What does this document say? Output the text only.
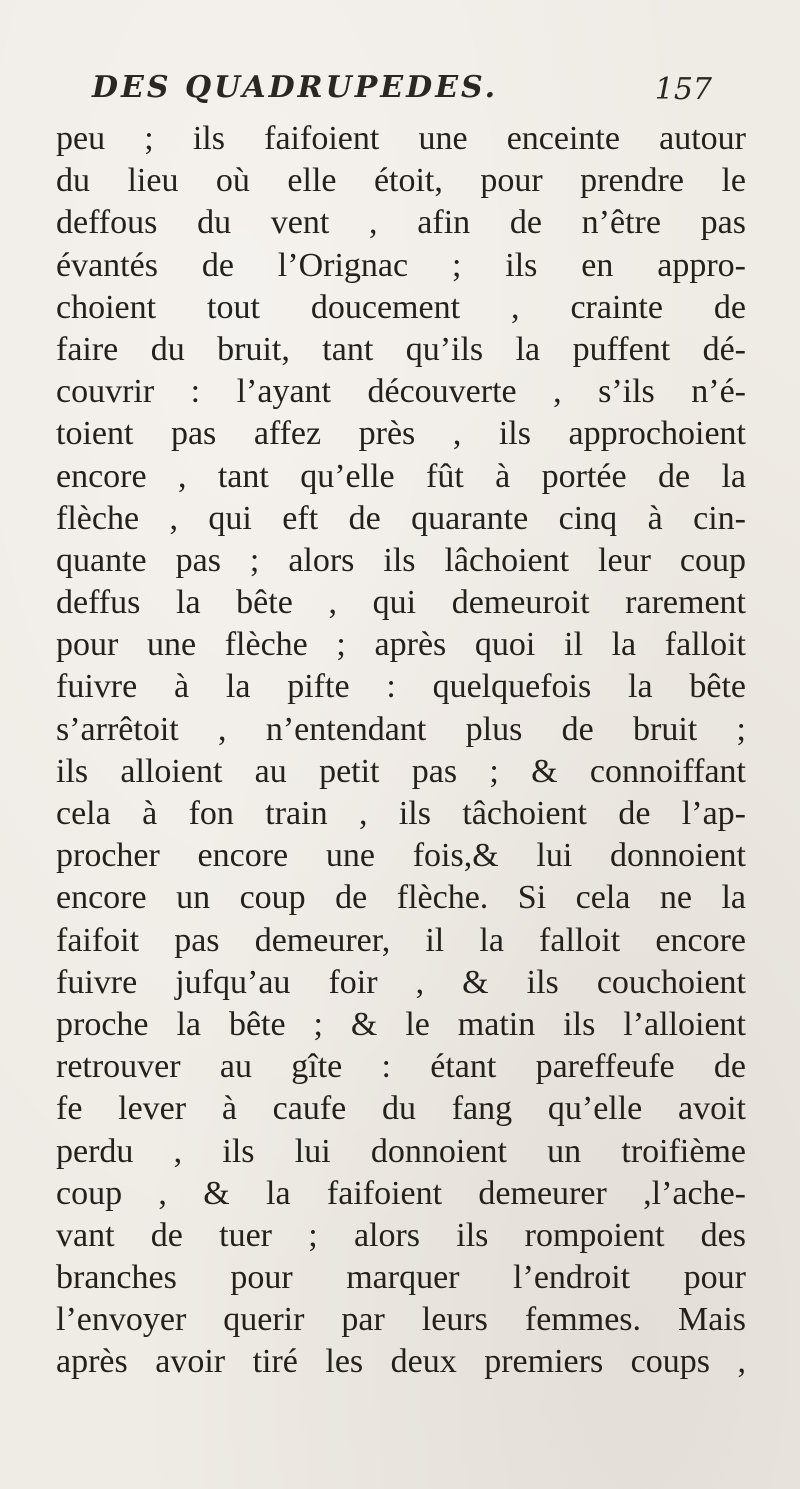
DES QUADRUPEDES.	157
peu ; ils faifoient une enceinte autour
du lieu où elle étoit, pour prendre le
deffous du vent , afin de n’être pas
évantés de l’Orignac ; ils en appro-
choient tout doucement , crainte de
faire du bruit, tant qu’ils la puffent dé-
couvrir : l’ayant découverte , s’ils n’é-
toient pas affez près , ils approchoient
encore , tant qu’elle fût à portée de la
flèche , qui eft de quarante cinq à cin-
quante pas ; alors ils lâchoient leur coup
deffus la bête , qui demeuroit rarement
pour une flèche ; après quoi il la falloit
fuivre à la pifte : quelquefois la bête
s’arrêtoit , n’entendant plus de bruit ;
ils alloient au petit pas ; & connoiffant
cela à fon train , ils tâchoient de l’ap-
procher encore une fois,& lui donnoient
encore un coup de flèche. Si cela ne la
faifoit pas demeurer, il la falloit encore
fuivre jufqu’au foir , & ils couchoient
proche la bête ; & le matin ils l’alloient
retrouver au gîte : étant pareffeufe de
fe lever à caufe du fang qu’elle avoit
perdu , ils lui donnoient un troifième
coup , & la faifoient demeurer ,l’ache-
vant de tuer ; alors ils rompoient des
branches pour marquer l’endroit pour
l’envoyer querir par leurs femmes. Mais
après avoir tiré les deux premiers coups ,
